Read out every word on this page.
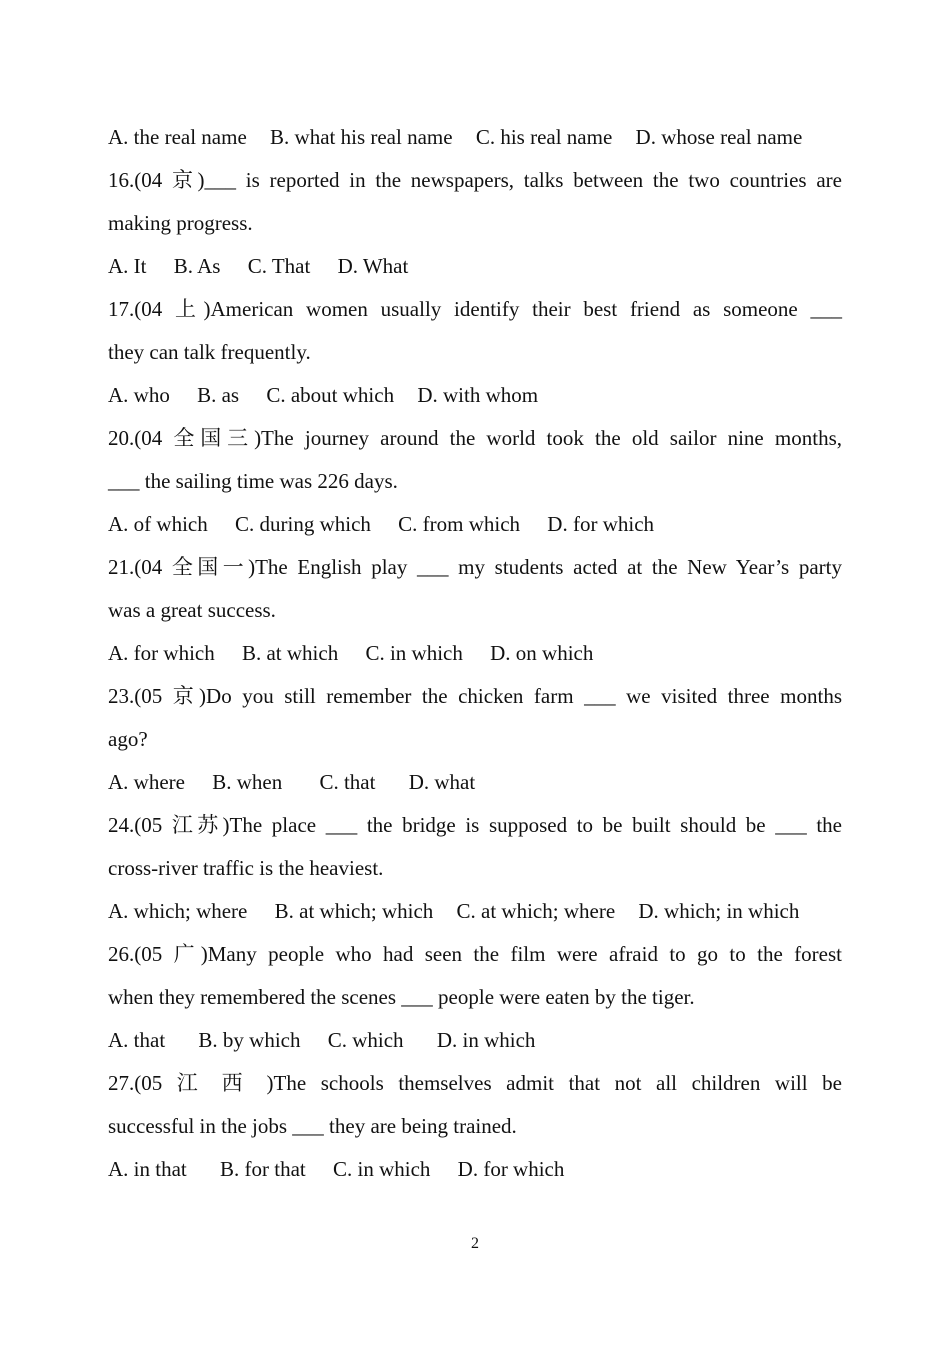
A. the real name B. what his real name C. his real name D. whose real name
16.(04 京)___ is reported in the newspapers, talks between the two countries are
making progress.
A. It B. As C. That D. What
17.(04 上)American women usually identify their best friend as someone ___
they can talk frequently.
A. who B. as C. about which D. with whom
20.(04 全国三)The journey around the world took the old sailor nine months,
___ the sailing time was 226 days.
A. of which C. during which C. from which D. for which
21.(04 全国一)The English play ___ my students acted at the New Year’s party
was a great success.
A. for which B. at which C. in which D. on which
23.(05 京)Do you still remember the chicken farm ___ we visited three months
ago?
A. where B. when C. that D. what
24.(05 江苏)The place ___ the bridge is supposed to be built should be ___ the
cross-river traffic is the heaviest.
A. which; where B. at which; which C. at which; where D. which; in which
26.(05 广)Many people who had seen the film were afraid to go to the forest
when they remembered the scenes ___ people were eaten by the tiger.
A. that B. by which C. which D. in which
27.(05 江 西 )The schools themselves admit that not all children will be
successful in the jobs ___ they are being trained.
A. in that B. for that C. in which D. for which
2
